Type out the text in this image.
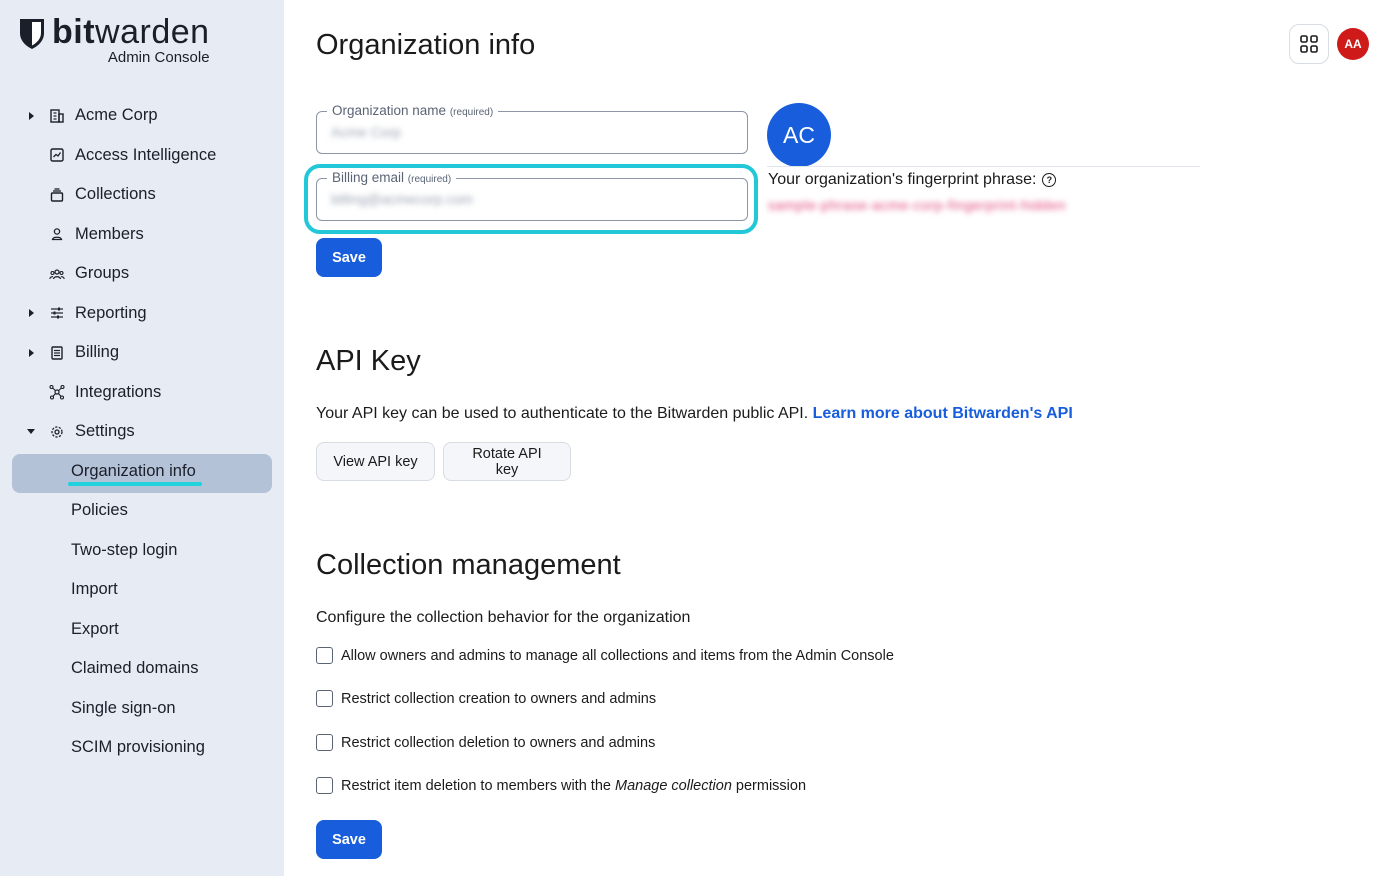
bitwarden
Admin Console
Acme Corp
Access Intelligence
Collections
Members
Groups
Reporting
Billing
Integrations
Settings
Organization info
Policies
Two-step login
Import
Export
Claimed domains
Single sign-on
SCIM provisioning
AA
Organization info
Organization name (required)
Acme Corp
Billing email (required)
billing@acmecorp.com
Save
AC
Your organization's fingerprint phrase:	?
sample-phrase-acme-corp-fingerprint-hidden
API Key
Your API key can be used to authenticate to the Bitwarden public API. Learn more about Bitwarden's API
View API key	Rotate API key
Collection management
Configure the collection behavior for the organization
Allow owners and admins to manage all collections and items from the Admin Console
Restrict collection creation to owners and admins
Restrict collection deletion to owners and admins
Restrict item deletion to members with the
Manage collection
permission
Save
